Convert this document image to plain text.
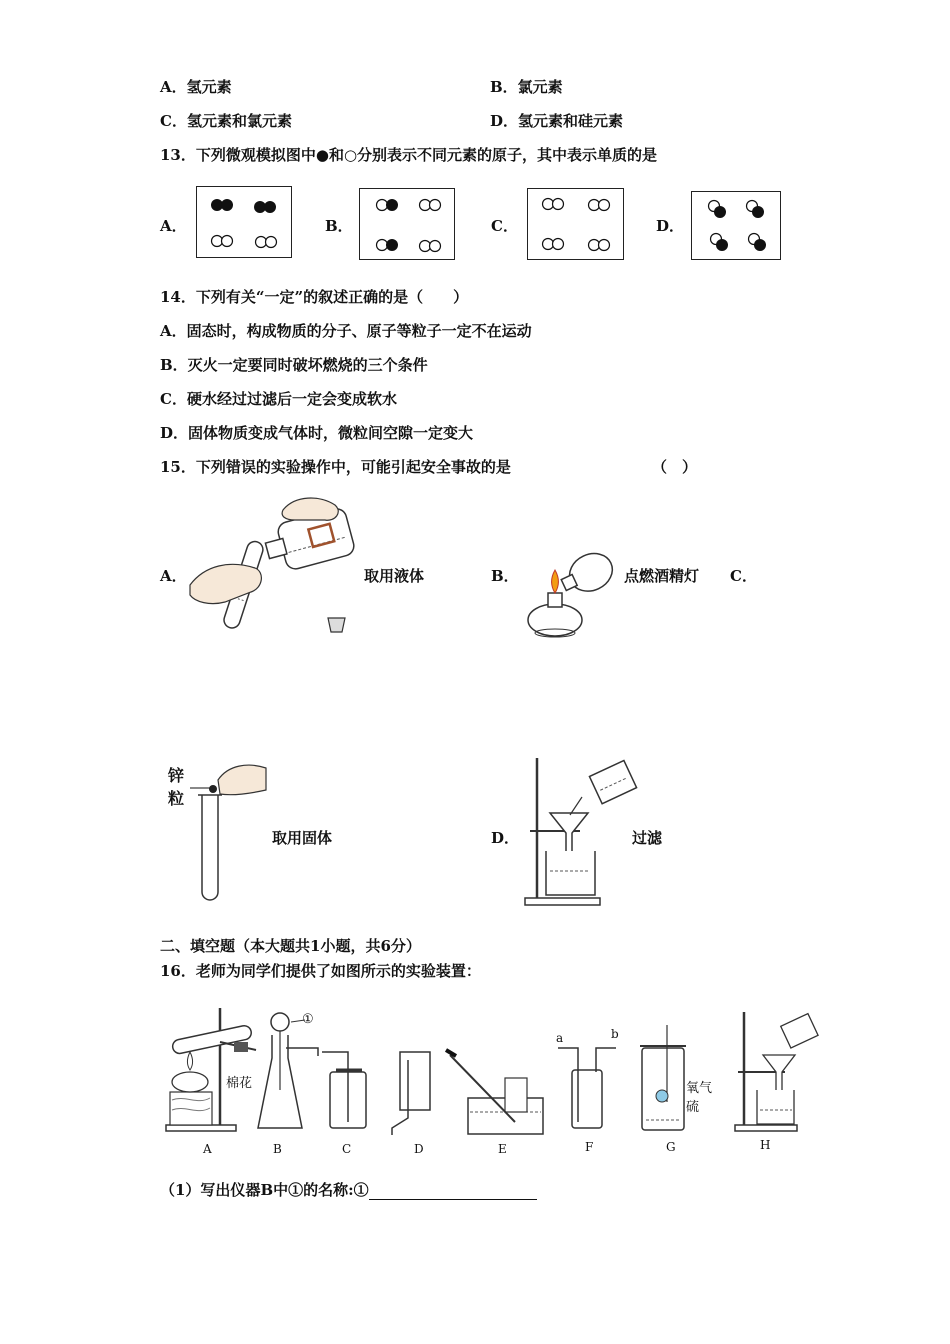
A．氢元素	B．氯元素
C．氢元素和氯元素	D．氢元素和硅元素
13．下列微观模拟图中●和○分别表示不同元素的原子，其中表示单质的是
A．	B．	C．	D．
14．下列有关“一定”的叙述正确的是（　　）
A．固态时，构成物质的分子、原子等粒子一定不在运动
B．灭火一定要同时破坏燃烧的三个条件
C．硬水经过过滤后一定会变成软水
D．固体物质变成气体时，微粒间空隙一定变大
15．下列错误的实验操作中，可能引起安全事故的是	（　）
A．	取用液体	B．	点燃酒精灯 C．
锌
粒
取用固体	D．	过滤
二、填空题（本大题共1小题，共6分）
16．老师为同学们提供了如图所示的实验装置：
棉花
①
a	b
氧气
硫
A	B	C	D	E	F	G	H
（1）写出仪器B中①的名称:①
